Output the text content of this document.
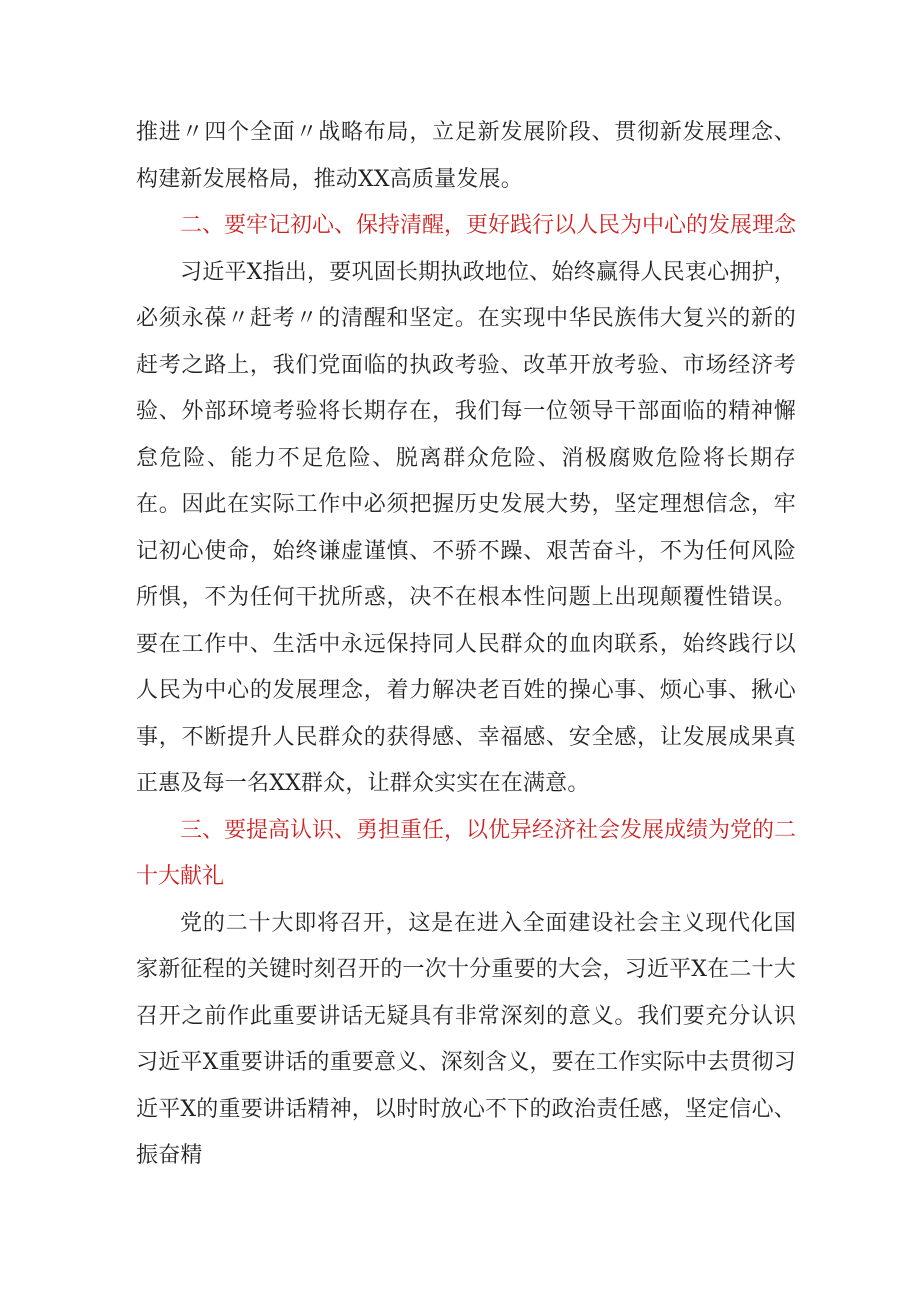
推进〃四个全面〃战略布局，立足新发展阶段、贯彻新发展理念、构建新发展格局，推动XX高质量发展。

二、要牢记初心、保持清醒，更好践行以人民为中心的发展理念

习近平X指出，要巩固长期执政地位、始终赢得人民衷心拥护，必须永葆〃赶考〃的清醒和坚定。在实现中华民族伟大复兴的新的赶考之路上，我们党面临的执政考验、改革开放考验、市场经济考验、外部环境考验将长期存在，我们每一位领导干部面临的精神懈怠危险、能力不足危险、脱离群众危险、消极腐败危险将长期存在。因此在实际工作中必须把握历史发展大势，坚定理想信念，牢记初心使命，始终谦虚谨慎、不骄不躁、艰苦奋斗，不为任何风险所惧，不为任何干扰所惑，决不在根本性问题上出现颠覆性错误。要在工作中、生活中永远保持同人民群众的血肉联系，始终践行以人民为中心的发展理念，着力解决老百姓的操心事、烦心事、揪心事，不断提升人民群众的获得感、幸福感、安全感，让发展成果真正惠及每一名XX群众，让群众实实在在满意。

三、要提高认识、勇担重任，以优异经济社会发展成绩为党的二十大献礼

党的二十大即将召开，这是在进入全面建设社会主义现代化国家新征程的关键时刻召开的一次十分重要的大会，习近平X在二十大召开之前作此重要讲话无疑具有非常深刻的意义。我们要充分认识习近平X重要讲话的重要意义、深刻含义，要在工作实际中去贯彻习近平X的重要讲话精神，以时时放心不下的政治责任感，坚定信心、振奋精
